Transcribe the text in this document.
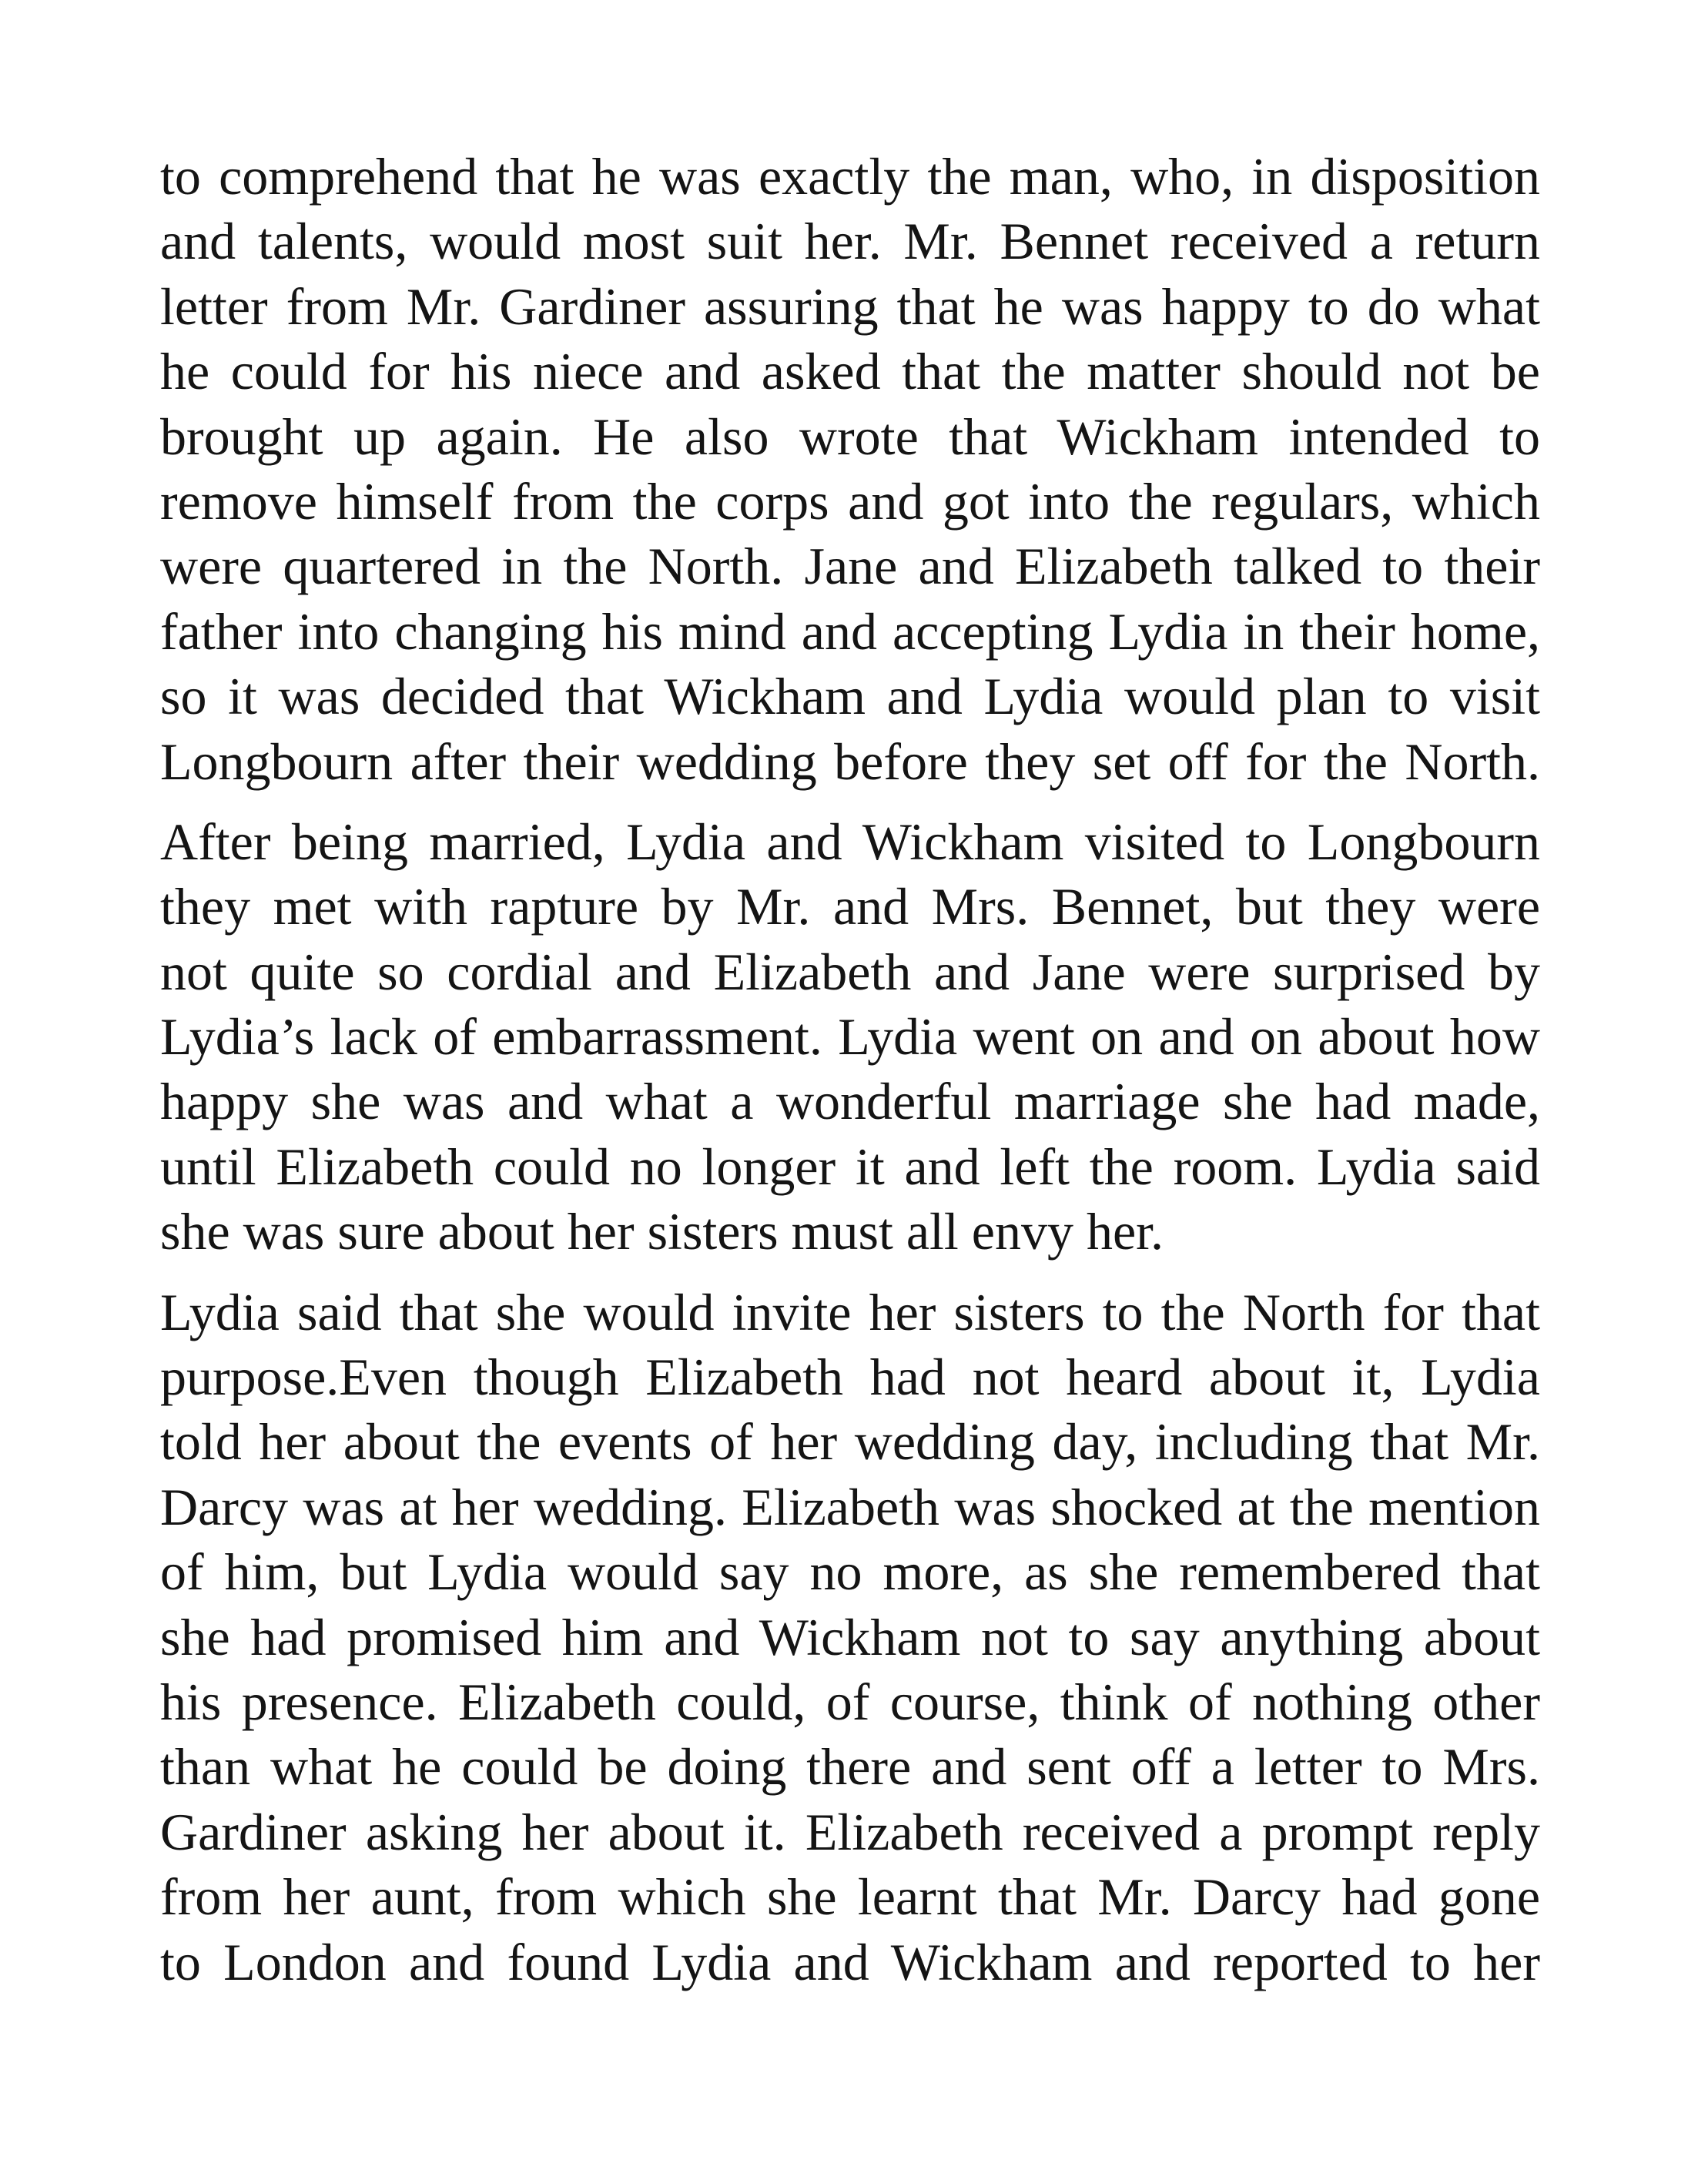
to comprehend that he was exactly the man, who, in disposition
and talents, would most suit her. Mr. Bennet received a return
letter from Mr. Gardiner assuring that he was happy to do what
he could for his niece and asked that the matter should not be
brought up again. He also wrote that Wickham intended to
remove himself from the corps and got into the regulars, which
were quartered in the North. Jane and Elizabeth talked to their
father into changing his mind and accepting Lydia in their home,
so it was decided that Wickham and Lydia would plan to visit
Longbourn after their wedding before they set off for the North.

After being married, Lydia and Wickham visited to Longbourn
they met with rapture by Mr. and Mrs. Bennet, but they were
not quite so cordial and Elizabeth and Jane were surprised by
Lydia’s lack of embarrassment. Lydia went on and on about how
happy she was and what a wonderful marriage she had made,
until Elizabeth could no longer it and left the room. Lydia said
she was sure about her sisters must all envy her.

Lydia said that she would invite her sisters to the North for that
purpose.Even though Elizabeth had not heard about it, Lydia
told her about the events of her wedding day, including that Mr.
Darcy was at her wedding. Elizabeth was shocked at the mention
of him, but Lydia would say no more, as she remembered that
she had promised him and Wickham not to say anything about
his presence. Elizabeth could, of course, think of nothing other
than what he could be doing there and sent off a letter to Mrs.
Gardiner asking her about it. Elizabeth received a prompt reply
from her aunt, from which she learnt that Mr. Darcy had gone
to London and found Lydia and Wickham and reported to her
